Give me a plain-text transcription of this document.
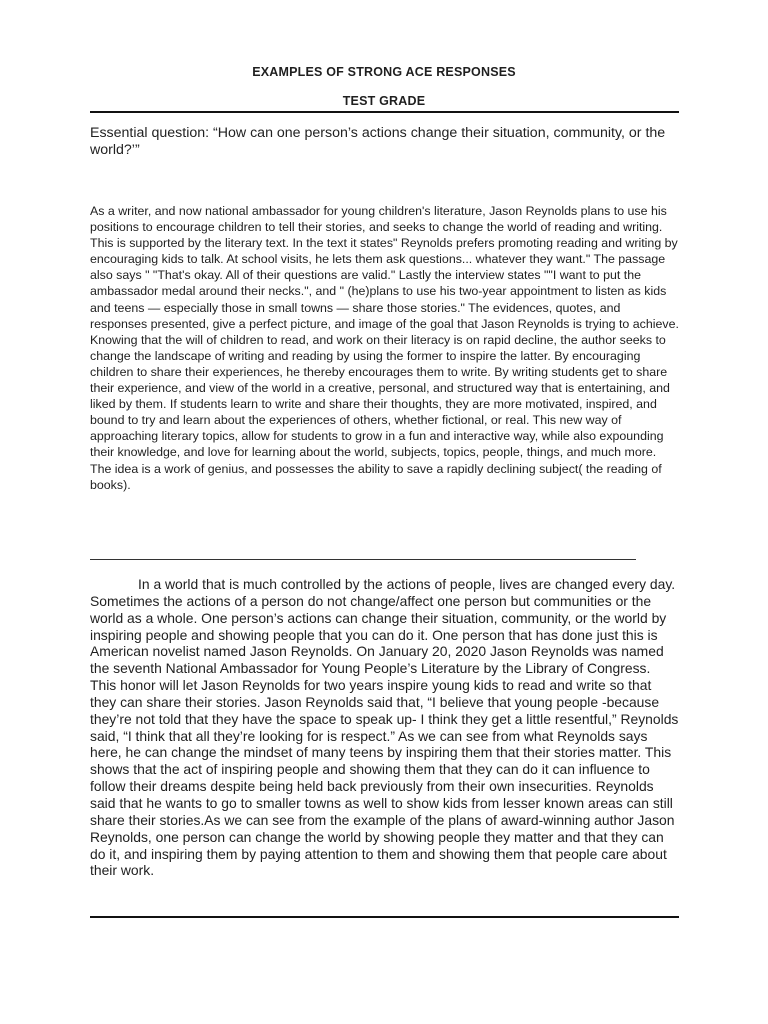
EXAMPLES OF STRONG ACE RESPONSES
TEST GRADE

Essential question: “How can one person’s actions change their situation, community, or the world?’”

As a writer, and now national ambassador for young children's literature, Jason Reynolds plans to use his positions to encourage children to tell their stories, and seeks to change the world of reading and writing. This is supported by the literary text. In the text it states" Reynolds prefers promoting reading and writing by encouraging kids to talk. At school visits, he lets them ask questions... whatever they want." The passage also says " "That's okay. All of their questions are valid." Lastly the interview states ""I want to put the ambassador medal around their necks.", and " (he)plans to use his two-year appointment to listen as kids and teens — especially those in small towns — share those stories." The evidences, quotes, and responses presented, give a perfect picture, and image of the goal that Jason Reynolds is trying to achieve. Knowing that the will of children to read, and work on their literacy is on rapid decline, the author seeks to change the landscape of writing and reading by using the former to inspire the latter. By encouraging children to share their experiences, he thereby encourages them to write. By writing students get to share their experience, and view of the world in a creative, personal, and structured way that is entertaining, and liked by them. If students learn to write and share their thoughts, they are more motivated, inspired, and bound to try and learn about the experiences of others, whether fictional, or real. This new way of approaching literary topics, allow for students to grow in a fun and interactive way, while also expounding their knowledge, and love for learning about the world, subjects, topics, people, things, and much more. The idea is a work of genius, and possesses the ability to save a rapidly declining subject( the reading of books).

In a world that is much controlled by the actions of people, lives are changed every day. Sometimes the actions of a person do not change/affect one person but communities or the world as a whole. One person’s actions can change their situation, community, or the world by inspiring people and showing people that you can do it. One person that has done just this is American novelist named Jason Reynolds. On January 20, 2020 Jason Reynolds was named the seventh National Ambassador for Young People’s Literature by the Library of Congress. This honor will let Jason Reynolds for two years inspire young kids to read and write so that they can share their stories. Jason Reynolds said that, “I believe that young people -because they’re not told that they have the space to speak up- I think they get a little resentful,” Reynolds said, “I think that all they’re looking for is respect.” As we can see from what Reynolds says here, he can change the mindset of many teens by inspiring them that their stories matter. This shows that the act of inspiring people and showing them that they can do it can influence to follow their dreams despite being held back previously from their own insecurities. Reynolds said that he wants to go to smaller towns as well to show kids from lesser known areas can still share their stories.As we can see from the example of the plans of award-winning author Jason Reynolds, one person can change the world by showing people they matter and that they can do it, and inspiring them by paying attention to them and showing them that people care about their work.
